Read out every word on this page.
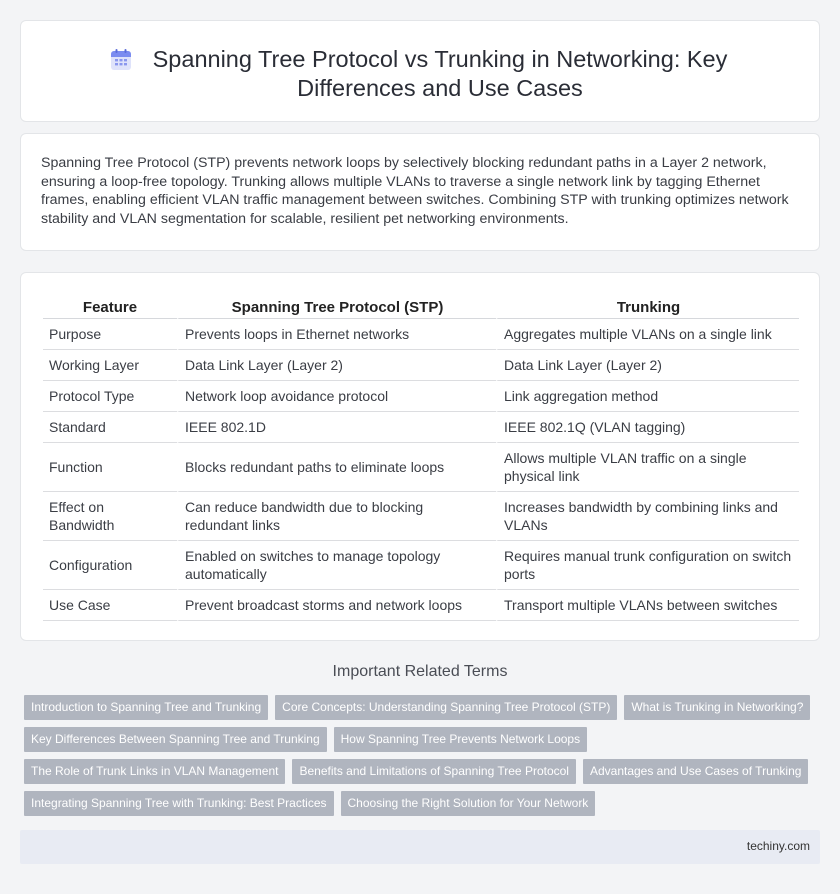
Spanning Tree Protocol vs Trunking in Networking: Key Differences and Use Cases

Spanning Tree Protocol (STP) prevents network loops by selectively blocking redundant paths in a Layer 2 network, ensuring a loop-free topology. Trunking allows multiple VLANs to traverse a single network link by tagging Ethernet frames, enabling efficient VLAN traffic management between switches. Combining STP with trunking optimizes network stability and VLAN segmentation for scalable, resilient pet networking environments.

Feature	Spanning Tree Protocol (STP)	Trunking
Purpose	Prevents loops in Ethernet networks	Aggregates multiple VLANs on a single link
Working Layer	Data Link Layer (Layer 2)	Data Link Layer (Layer 2)
Protocol Type	Network loop avoidance protocol	Link aggregation method
Standard	IEEE 802.1D	IEEE 802.1Q (VLAN tagging)
Function	Blocks redundant paths to eliminate loops	Allows multiple VLAN traffic on a single physical link
Effect on Bandwidth	Can reduce bandwidth due to blocking redundant links	Increases bandwidth by combining links and VLANs
Configuration	Enabled on switches to manage topology automatically	Requires manual trunk configuration on switch ports
Use Case	Prevent broadcast storms and network loops	Transport multiple VLANs between switches
Important Related Terms
Introduction to Spanning Tree and Trunking	Core Concepts: Understanding Spanning Tree Protocol (STP)	What is Trunking in Networking?
Key Differences Between Spanning Tree and Trunking	How Spanning Tree Prevents Network Loops
The Role of Trunk Links in VLAN Management	Benefits and Limitations of Spanning Tree Protocol	Advantages and Use Cases of Trunking
Integrating Spanning Tree with Trunking: Best Practices	Choosing the Right Solution for Your Network
techiny.com
